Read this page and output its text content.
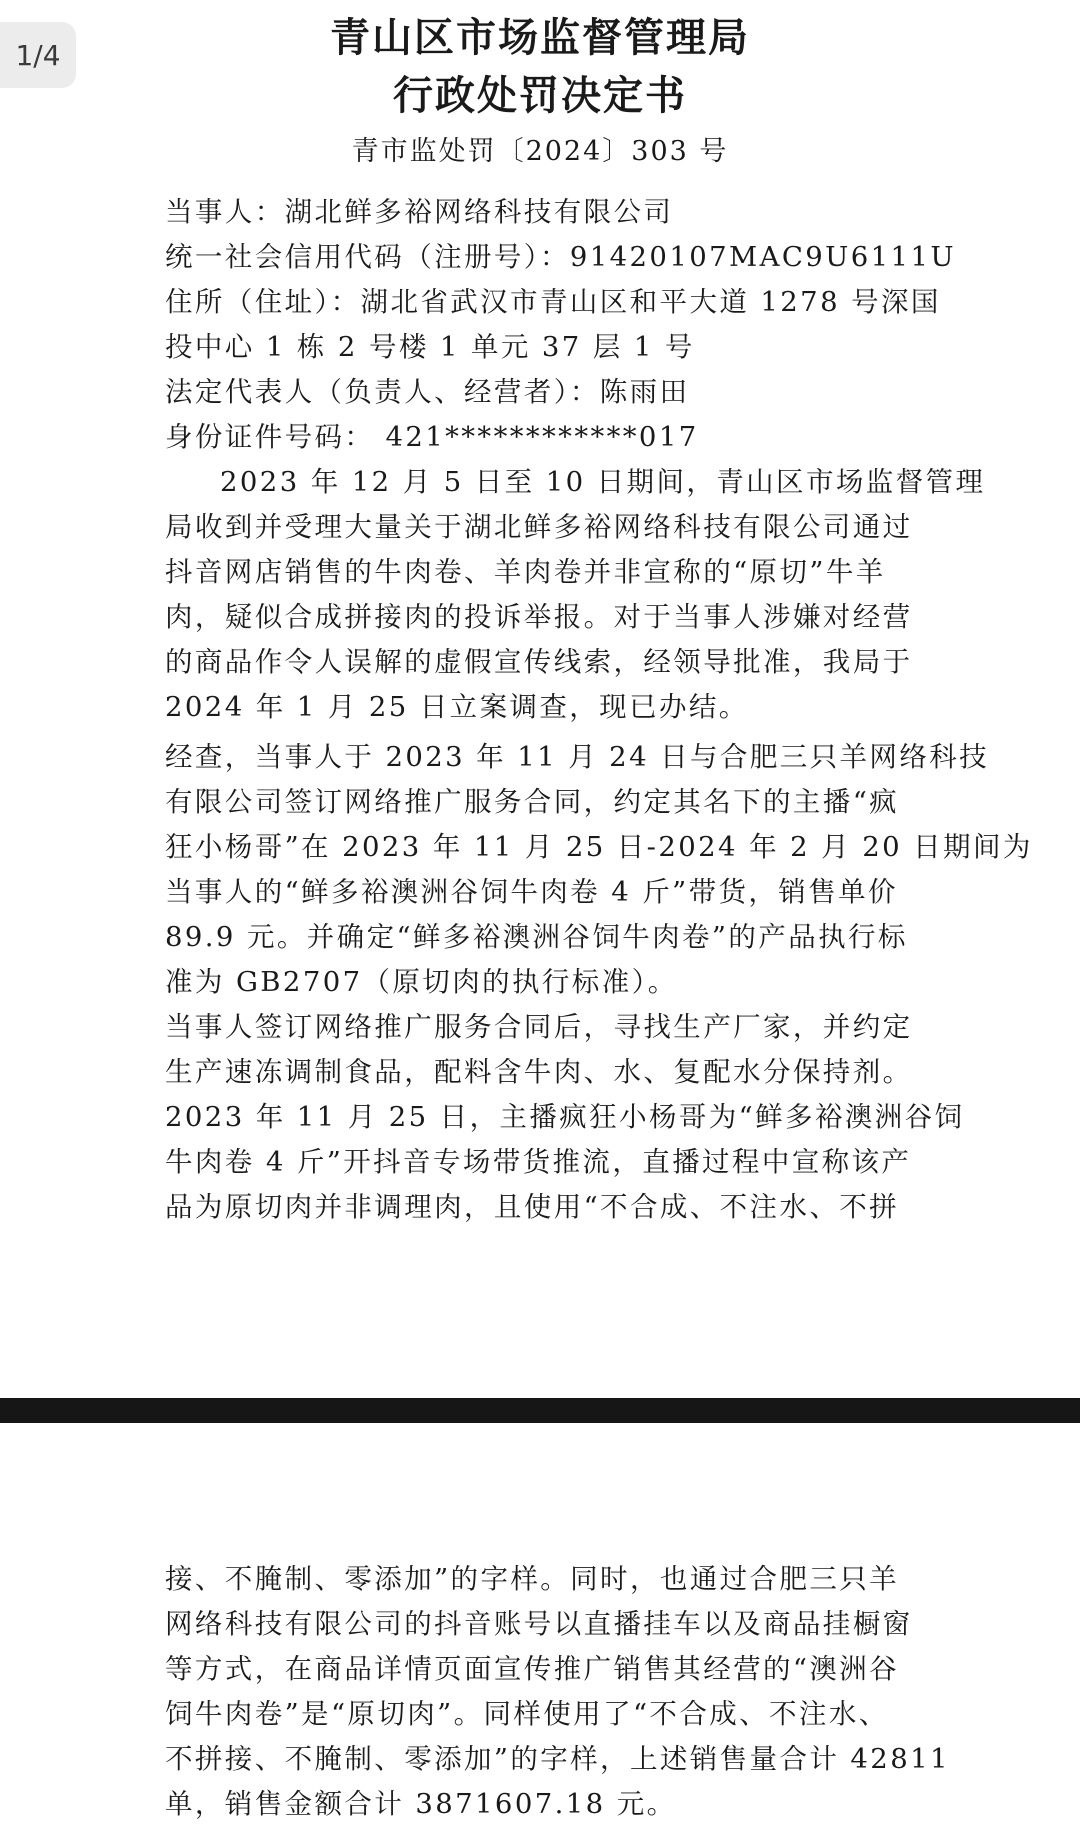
1/4	青山区市场监督管理局
行政处罚决定书
青市监处罚〔2024〕303 号
当事人：湖北鲜多裕网络科技有限公司
统一社会信用代码（注册号）：91420107MAC9U6111U
住所（住址）：湖北省武汉市青山区和平大道 1278 号深国
投中心 1 栋 2 号楼 1 单元 37 层 1 号
法定代表人（负责人、经营者）：陈雨田
身份证件号码： 421************017
2023 年 12 月 5 日至 10 日期间，青山区市场监督管理
局收到并受理大量关于湖北鲜多裕网络科技有限公司通过
抖音网店销售的牛肉卷、羊肉卷并非宣称的“原切”牛羊
肉，疑似合成拼接肉的投诉举报。对于当事人涉嫌对经营
的商品作令人误解的虚假宣传线索，经领导批准，我局于
2024 年 1 月 25 日立案调查，现已办结。
经查，当事人于 2023 年 11 月 24 日与合肥三只羊网络科技
有限公司签订网络推广服务合同，约定其名下的主播“疯
狂小杨哥”在 2023 年 11 月 25 日-2024 年 2 月 20 日期间为
当事人的“鲜多裕澳洲谷饲牛肉卷 4 斤”带货，销售单价
89.9 元。并确定“鲜多裕澳洲谷饲牛肉卷”的产品执行标
准为 GB2707（原切肉的执行标准）。
当事人签订网络推广服务合同后，寻找生产厂家，并约定
生产速冻调制食品，配料含牛肉、水、复配水分保持剂。
2023 年 11 月 25 日，主播疯狂小杨哥为“鲜多裕澳洲谷饲
牛肉卷 4 斤”开抖音专场带货推流，直播过程中宣称该产
品为原切肉并非调理肉，且使用“不合成、不注水、不拼
接、不腌制、零添加”的字样。同时，也通过合肥三只羊
网络科技有限公司的抖音账号以直播挂车以及商品挂橱窗
等方式，在商品详情页面宣传推广销售其经营的“澳洲谷
饲牛肉卷”是“原切肉”。同样使用了“不合成、不注水、
不拼接、不腌制、零添加”的字样，上述销售量合计 42811
单，销售金额合计 3871607.18 元。
